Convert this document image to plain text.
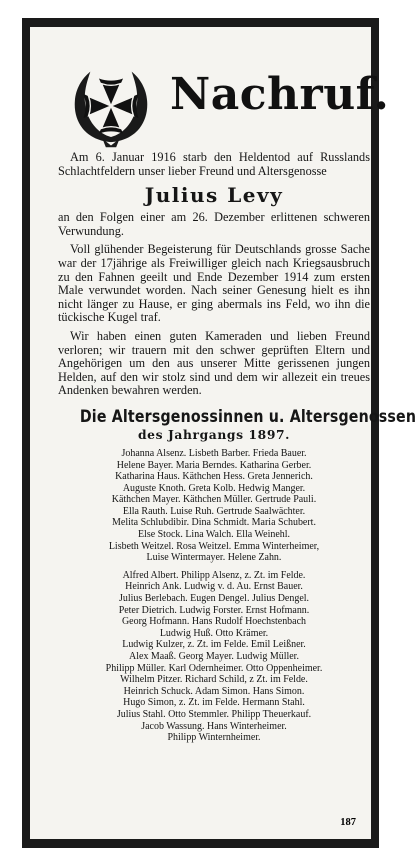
Nachruf.

Am 6. Januar 1916 starb den Heldentod auf Russlands Schlachtfeldern unser lieber Freund und Altersgenosse

Julius Levy

an den Folgen einer am 26. Dezember erlittenen schweren Verwundung.

Voll glühender Begeisterung für Deutschlands grosse Sache war der 17jährige als Freiwilliger gleich nach Kriegsausbruch zu den Fahnen geeilt und Ende Dezember 1914 zum ersten Male verwundet worden. Nach seiner Genesung hielt es ihn nicht länger zu Hause, er ging abermals ins Feld, wo ihn die tückische Kugel traf.

Wir haben einen guten Kameraden und lieben Freund verloren; wir trauern mit den schwer geprüften Eltern und Angehörigen um den aus unserer Mitte gerissenen jungen Helden, auf den wir stolz sind und dem wir allezeit ein treues Andenken bewahren werden.

Die Altersgenossinnen u. Altersgenossen
des Jahrgangs 1897.
Johanna Alsenz. Lisbeth Barber. Frieda Bauer.
Helene Bayer. Maria Berndes. Katharina Gerber.
Katharina Haus. Käthchen Hess. Greta Jennerich.
Auguste Knoth. Greta Kolb. Hedwig Manger.
Käthchen Mayer. Käthchen Müller. Gertrude Pauli.
Ella Rauth. Luise Ruh. Gertrude Saalwächter.
Melita Schlubdibir. Dina Schmidt. Maria Schubert.
Else Stock. Lina Walch. Ella Weinehl.
Lisbeth Weitzel. Rosa Weitzel. Emma Winterheimer,
Luise Wintermayer. Helene Zahn.
Alfred Albert. Philipp Alsenz, z. Zt. im Felde.
Heinrich Ank. Ludwig v. d. Au. Ernst Bauer.
Julius Berlebach. Eugen Dengel. Julius Dengel.
Peter Dietrich. Ludwig Forster. Ernst Hofmann.
Georg Hofmann. Hans Rudolf Hoechstenbach
Ludwig Huß. Otto Krämer.
Ludwig Kulzer, z. Zt. im Felde. Emil Leißner.
Alex Maaß. Georg Mayer. Ludwig Müller.
Philipp Müller. Karl Odernheimer. Otto Oppenheimer.
Wilhelm Pitzer. Richard Schild, z Zt. im Felde.
Heinrich Schuck. Adam Simon. Hans Simon.
Hugo Simon, z. Zt. im Felde. Hermann Stahl.
Julius Stahl. Otto Stemmler. Philipp Theuerkauf.
Jacob Wassung. Hans Winterheimer.
Philipp Winternheimer.
187
